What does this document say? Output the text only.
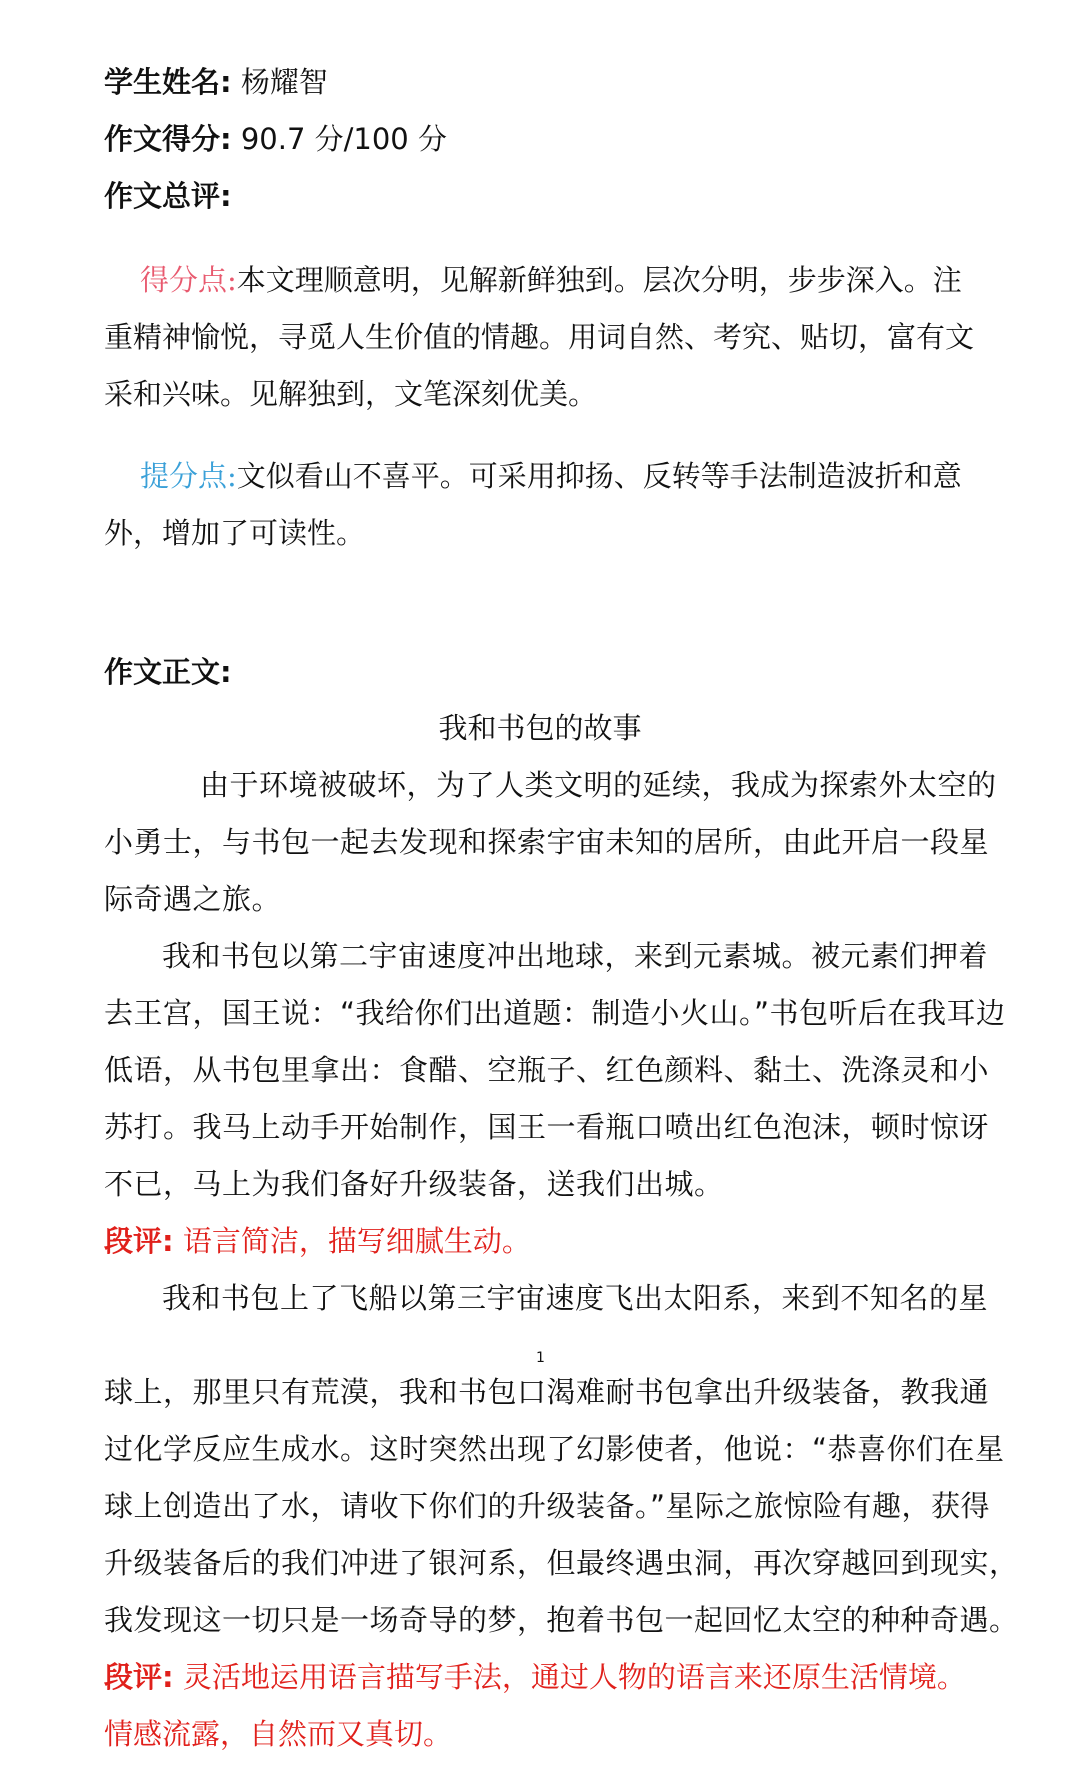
学生姓名: 杨耀智
作文得分: 90.7 分/100 分
作文总评:
得分点:本文理顺意明，见解新鲜独到。层次分明，步步深入。注
重精神愉悦，寻觅人生价值的情趣。用词自然、考究、贴切，富有文
采和兴味。见解独到，文笔深刻优美。
提分点:文似看山不喜平。可采用抑扬、反转等手法制造波折和意
外，增加了可读性。
作文正文:
我和书包的故事
由于环境被破坏，为了人类文明的延续，我成为探索外太空的
小勇士，与书包一起去发现和探索宇宙未知的居所，由此开启一段星
际奇遇之旅。
我和书包以第二宇宙速度冲出地球，来到元素城。被元素们押着
去王宫，国王说：“我给你们出道题：制造小火山。”书包听后在我耳边
低语，从书包里拿出：食醋、空瓶子、红色颜料、黏土、洗涤灵和小
苏打。我马上动手开始制作，国王一看瓶口喷出红色泡沫，顿时惊讶
不已，马上为我们备好升级装备，送我们出城。
段评: 语言简洁，描写细腻生动。
我和书包上了飞船以第三宇宙速度飞出太阳系，来到不知名的星
1
球上，那里只有荒漠，我和书包口渴难耐书包拿出升级装备，教我通
过化学反应生成水。这时突然出现了幻影使者，他说：“恭喜你们在星
球上创造出了水，请收下你们的升级装备。”星际之旅惊险有趣，获得
升级装备后的我们冲进了银河系，但最终遇虫洞，再次穿越回到现实，
我发现这一切只是一场奇导的梦，抱着书包一起回忆太空的种种奇遇。
段评: 灵活地运用语言描写手法，通过人物的语言来还原生活情境。
情感流露，自然而又真切。
